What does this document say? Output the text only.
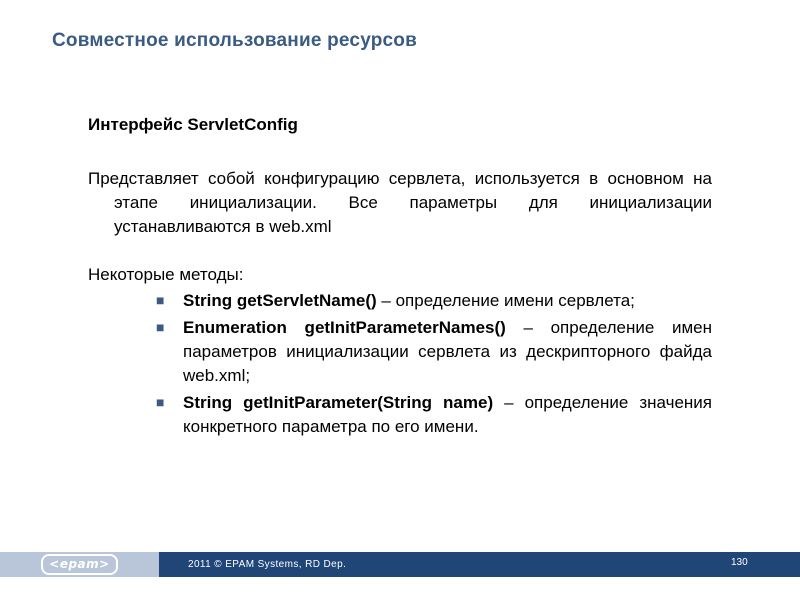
Совместное использование ресурсов

Интерфейс ServletConfig

Представляет собой конфигурацию сервлета, используется в основном на этапе инициализации. Все параметры для инициализации устанавливаются в web.xml

Некоторые методы:

■ String getServletName() – определение имени сервлета;
■ Enumeration getInitParameterNames() – определение имен параметров инициализации сервлета из дескрипторного файда web.xml;
■ String getInitParameter(String name) – определение значения конкретного параметра по его имени.
<epam>	2011 © EPAM Systems, RD Dep.	130
